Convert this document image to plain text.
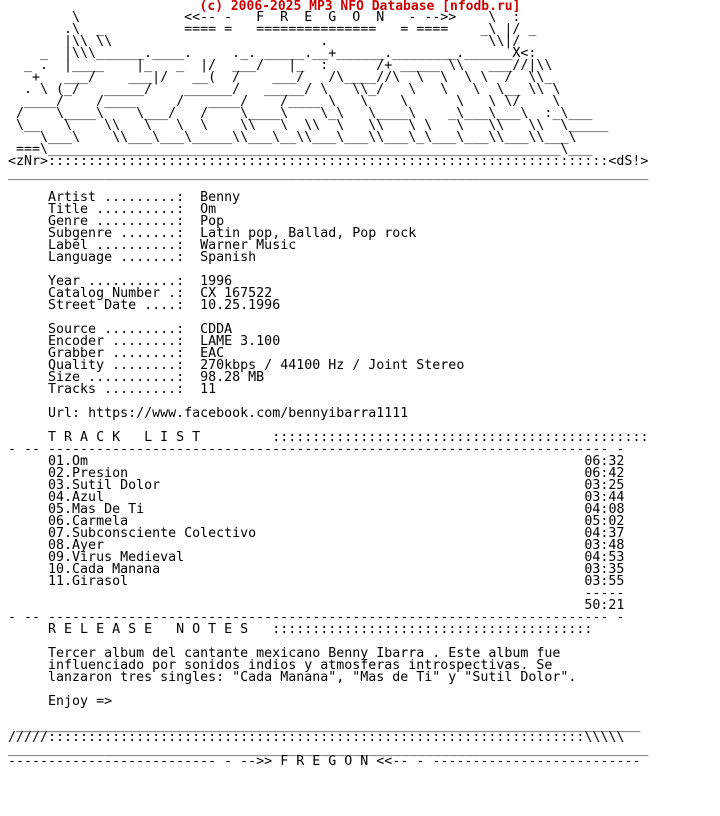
(c) 2006-2025 MP3 NFO Database [nfodb.ru]
\             <<-- -   F  R  E  G  O  N   - -->>    \  :
.\  _          ==== =   ===============   = ====    _\ |/ _
|\\ \\                          .                    \\|/
_  |\\\______.____.     ._. _____.__+______.________.______X<:
_ .  |____    |_   _  |/  ___/   |_  :      /+ _____ \\   ___//|\\
+   ___/    ___|/   __(  /    ___/   /\____//\  \  \  \ \  /  \\_
. \ (_/   _____/    ______/   _____/ \   \\_/   \   \   \  \__ \\ \
____/    /____     /   ____/    /____ \   \    \      \   \ \/    \
/    \____\    \___/   /    \____\    \_\   \____\    _\___\___\  :_\___
\__   \    \\   \   \  \    \\   \  \\  \   \\   \ \   \   \\   \\  \_____
\___\    \\___\___\_____\\___\__\\___\___\\___\_\___\___\\___\\___\
===\________________________________________________________________\___
<zNr>::::::::::::::::::::::::::::::::::::::::::::::::::::::::::::::::::::::<dS!>
________________________________________________________________________________

Artist .........: Benny
Title ..........: Om
Genre ..........: Pop
Subgenre .......: Latin pop, Ballad, Pop rock
Label ..........: Warner Music
Language .......: Spanish

Year ...........: 1996
Catalog Number .: CX 167522
Street Date ....: 10.25.1996

Source .........: CDDA
Encoder ........: LAME 3.100
Grabber ........: EAC
Quality ........: 270kbps / 44100 Hz / Joint Stereo
Size ...........: 98.28 MB
Tracks .........: 11

Url: https://www.facebook.com/bennyibarra1111

T R A C K   L I S T	:::::::::::::::::::::::::::::::::::::::::::::::
- -- ---------------------------------------------------------------------- -
01.Om	06:32
02.Presion	06:42
03.Sutil Dolor	03:25
04.Azul	03:44
05.Mas De Ti	04:08
06.Carmela	05:02
07.Subconsciente Colectivo	04:37
08.Ayer	03:48
09.Virus Medieval	04:53
10.Cada Manana	03:35
11.Girasol	03:55
-----
50:21
- -- ---------------------------------------------------------------------- -
R E L E A S E   N O T E S ::::::::::::::::::::::::::::::::::::::::

Tercer album del cantante mexicano Benny Ibarra . Este album fue
influenciado por sonidos indios y atmosferas introspectivas. Se
lanzaron tres singles: "Cada Manana", "Mas de Ti" y "Sutil Dolor".

Enjoy =>

______________________________________________________________________________
/////:::::::::::::::::::::::::::::::::::::::::::::::::::::::::::::::::::\\\\\
________________________________________________________________________________
-------------------------- - -->> F R E G O N <<-- - --------------------------
